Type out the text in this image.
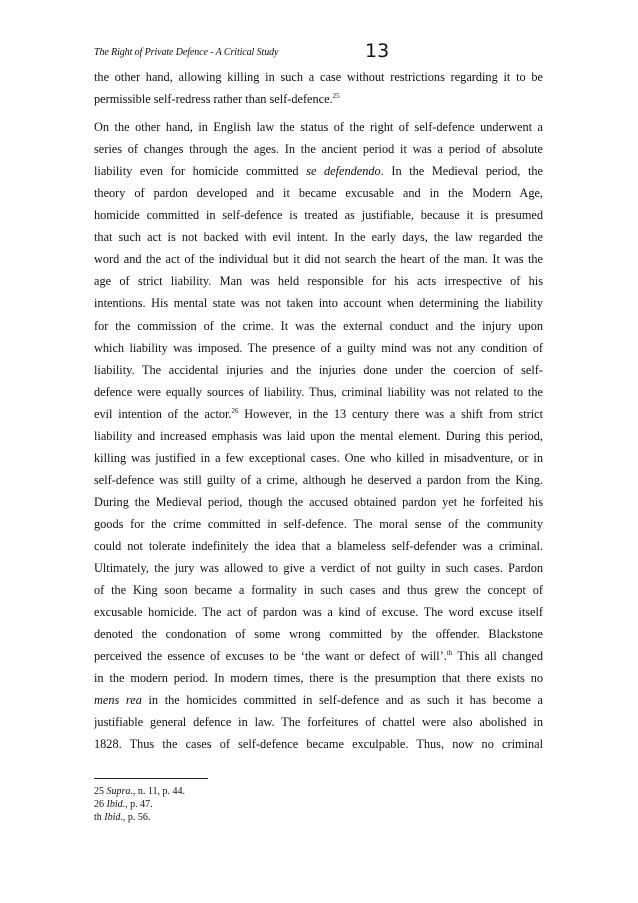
The Right of Private Defence - A Critical Study	13
the other hand, allowing killing in such a case without restrictions regarding it to be
permissible self-redress rather than self-defence.$^{25}$
On the other hand, in English law the status of the right of self-defence underwent a
series of changes through the ages. In the ancient period it was a period of absolute
liability even for homicide committed se defendendo. In the Medieval period, the
theory of pardon developed and it became excusable and in the Modern Age,
homicide committed in self-defence is treated as justifiable, because it is presumed
that such act is not backed with evil intent. In the early days, the law regarded the
word and the act of the individual but it did not search the heart of the man. It was the
age of strict liability. Man was held responsible for his acts irrespective of his
intentions. His mental state was not taken into account when determining the liability
for the commission of the crime. It was the external conduct and the injury upon
which liability was imposed. The presence of a guilty mind was not any condition of
liability. The accidental injuries and the injuries done under the coercion of self-
defence were equally sources of liability. Thus, criminal liability was not related to the
evil intention of the actor.$^{26}$ However, in the 13 century there was a shift from strict
liability and increased emphasis was laid upon the mental element. During this period,
killing was justified in a few exceptional cases. One who killed in misadventure, or in
self-defence was still guilty of a crime, although he deserved a pardon from the King.
During the Medieval period, though the accused obtained pardon yet he forfeited his
goods for the crime committed in self-defence. The moral sense of the community
could not tolerate indefinitely the idea that a blameless self-defender was a criminal.
Ultimately, the jury was allowed to give a verdict of not guilty in such cases. Pardon
of the King soon became a formality in such cases and thus grew the concept of
excusable homicide. The act of pardon was a kind of excuse. The word excuse itself
denoted the condonation of some wrong committed by the offender. Blackstone
perceived the essence of excuses to be ‘the want or defect of will’.$^{th}$ This all changed
in the modern period. In modern times, there is the presumption that there exists no
mens rea in the homicides committed in self-defence and as such it has become a
justifiable general defence in law. The forfeitures of chattel were also abolished in
1828. Thus the cases of self-defence became exculpable. Thus, now no criminal
25 Supra., n. 11, p. 44.
26 Ibid., p. 47.
th Ibid., p. 56.
